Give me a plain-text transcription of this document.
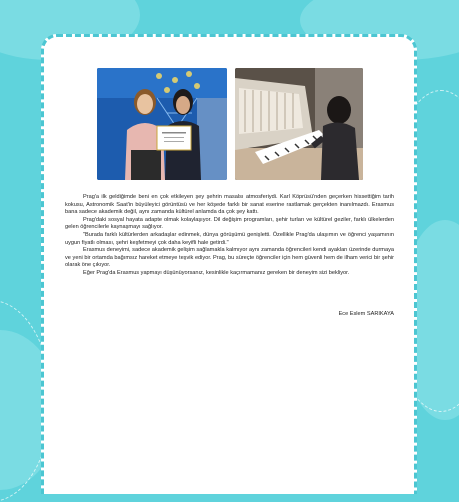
Prag'a ilk geldiğimde beni en çok etkileyen şey şehrin masalsı atmosferiydi. Karl Köprüsü'nden geçerken hissettiğim tarih kokusu, Astronomik Saat'in büyüleyici görüntüsü ve her köşede farklı bir sanat eserine rastlamak gerçekten inanılmazdı. Erasmus bana sadece akademik değil, aynı zamanda kültürel anlamda da çok şey kattı.

Prag'daki sosyal hayata adapte olmak kolaylaşıyor. Dil değişim programları, şehir turları ve kültürel geziler, farklı ülkelerden gelen öğrencilerle kaynaşmayı sağlıyor.

"Burada farklı kültürlerden arkadaşlar edinmek, dünya görüşümü genişletti. Özellikle Prag'da ulaşımın ve öğrenci yaşamının uygun fiyatlı olması, şehri keşfetmeyi çok daha keyifli hale getirdi."

Erasmus deneyimi, sadece akademik gelişim sağlamakla kalmıyor aynı zamanda öğrencileri kendi ayakları üzerinde durmaya ve yeni bir ortamda bağımsız hareket etmeye teşvik ediyor. Prag, bu süreçte öğrenciler için hem güvenli hem de ilham verici bir şehir olarak öne çıkıyor.

Eğer Prag'da Erasmus yapmayı düşünüyorsanız, kesinlikle kaçırmamanız gereken bir deneyim sizi bekliyor.

Ece Eslem SARIKAYA
